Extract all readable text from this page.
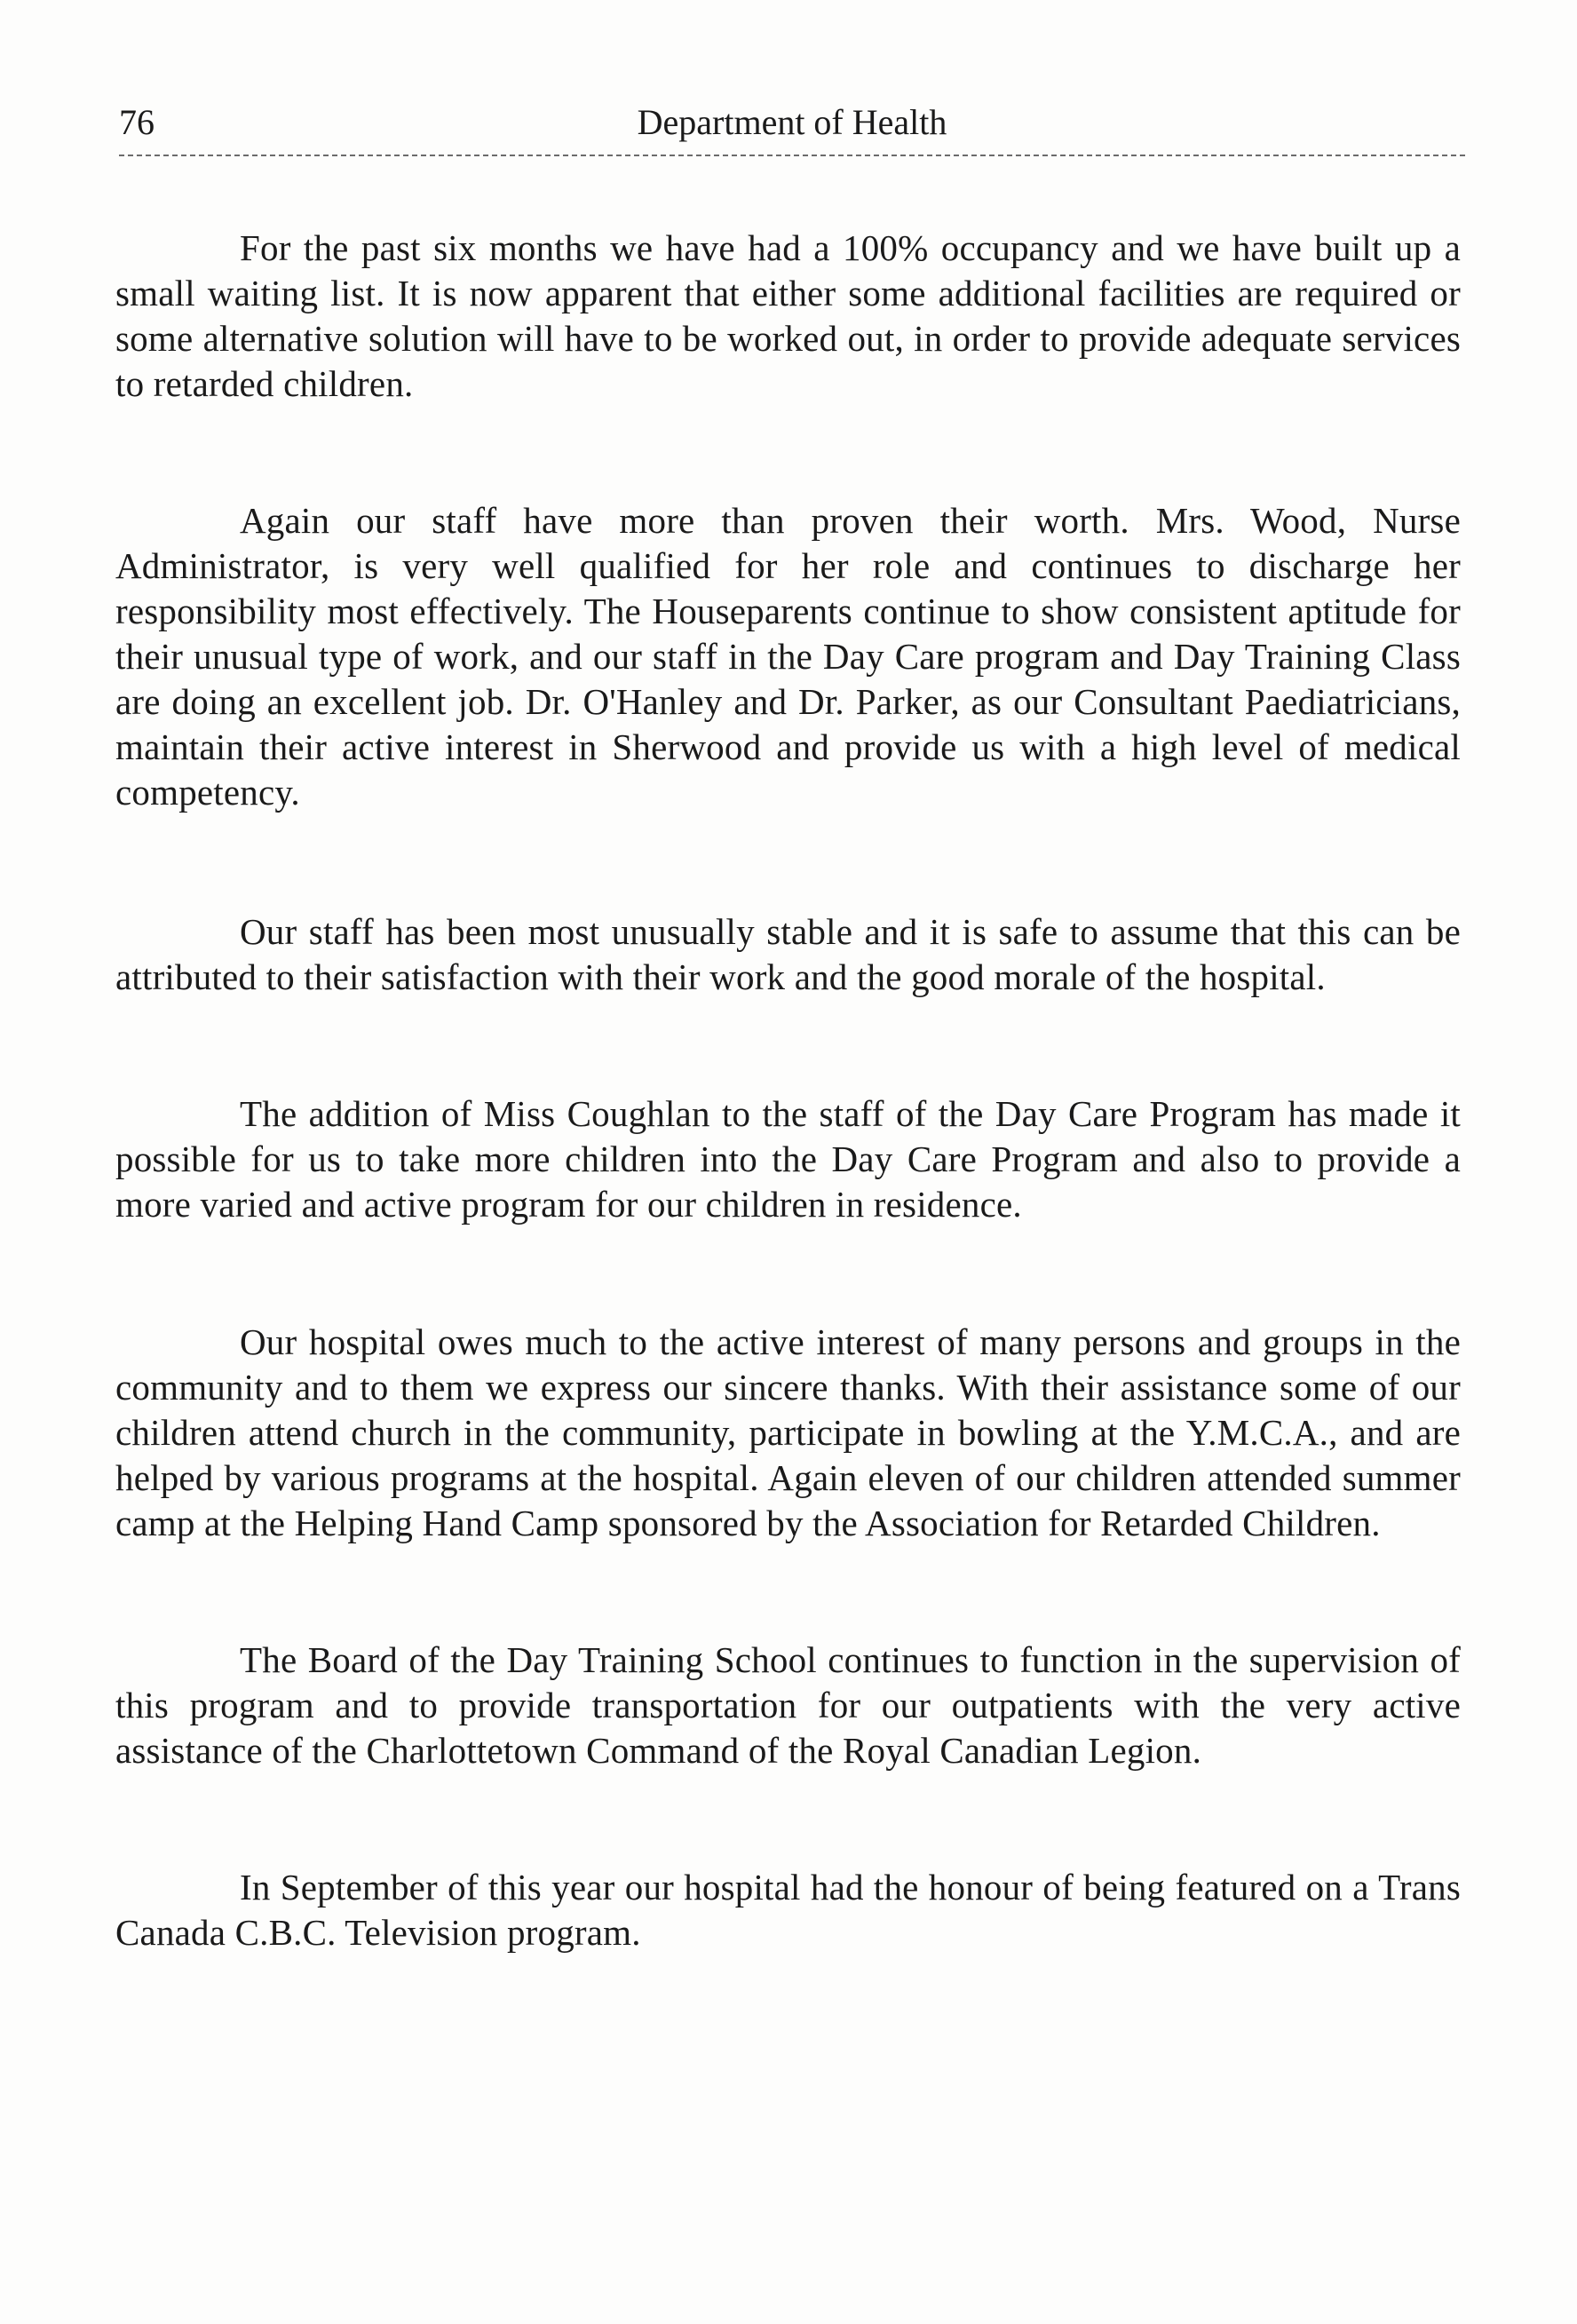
76	Department of Health

For the past six months we have had a 100% occupancy and we have built up a small waiting list. It is now apparent that either some additional facilities are required or some alternative solution will have to be worked out, in order to provide adequate services to retarded children.

Again our staff have more than proven their worth. Mrs. Wood, Nurse Administrator, is very well qualified for her role and continues to discharge her responsibility most effectively. The Houseparents continue to show consistent aptitude for their unusual type of work, and our staff in the Day Care program and Day Training Class are doing an excellent job. Dr. O'Hanley and Dr. Parker, as our Consultant Paediatricians, maintain their active interest in Sherwood and provide us with a high level of medical competency.

Our staff has been most unusually stable and it is safe to assume that this can be attributed to their satisfaction with their work and the good morale of the hospital.

The addition of Miss Coughlan to the staff of the Day Care Program has made it possible for us to take more children into the Day Care Program and also to provide a more varied and active program for our children in residence.

Our hospital owes much to the active interest of many persons and groups in the community and to them we express our sincere thanks. With their assistance some of our children attend church in the community, participate in bowling at the Y.M.C.A., and are helped by various programs at the hospital. Again eleven of our children attended summer camp at the Helping Hand Camp sponsored by the Association for Retarded Children.

The Board of the Day Training School continues to function in the supervision of this program and to provide transportation for our outpatients with the very active assistance of the Charlottetown Command of the Royal Canadian Legion.

In September of this year our hospital had the honour of being featured on a Trans Canada C.B.C. Television program.
